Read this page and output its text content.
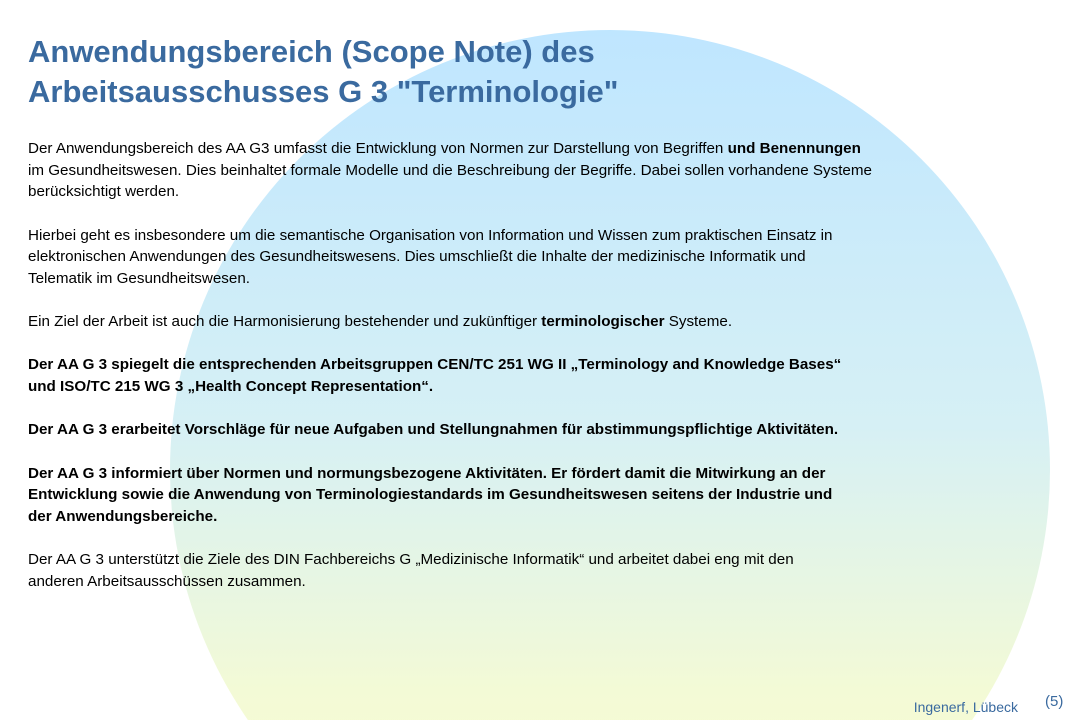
Anwendungsbereich (Scope Note) des
Arbeitsausschusses G 3 "Terminologie"

Der Anwendungsbereich des AA G3 umfasst die Entwicklung von Normen zur Darstellung von Begriffen und Benennungen
im Gesundheitswesen. Dies beinhaltet formale Modelle und die Beschreibung der Begriffe. Dabei sollen vorhandene Systeme
berücksichtigt werden.

Hierbei geht es insbesondere um die semantische Organisation von Information und Wissen zum praktischen Einsatz in
elektronischen Anwendungen des Gesundheitswesens. Dies umschließt die Inhalte der medizinische Informatik und
Telematik im Gesundheitswesen.

Ein Ziel der Arbeit ist auch die Harmonisierung bestehender und zukünftiger terminologischer Systeme.

Der AA G 3 spiegelt die entsprechenden Arbeitsgruppen CEN/TC 251 WG II „Terminology and Knowledge Bases“
und ISO/TC 215 WG 3 „Health Concept Representation“.

Der AA G 3 erarbeitet Vorschläge für neue Aufgaben und Stellungnahmen für abstimmungspflichtige Aktivitäten.

Der AA G 3 informiert über Normen und normungsbezogene Aktivitäten. Er fördert damit die Mitwirkung an der
Entwicklung sowie die Anwendung von Terminologiestandards im Gesundheitswesen seitens der Industrie und
der Anwendungsbereiche.

Der AA G 3 unterstützt die Ziele des DIN Fachbereichs G „Medizinische Informatik“ und arbeitet dabei eng mit den
anderen Arbeitsausschüssen zusammen.

Ingenerf, Lübeck (5)
